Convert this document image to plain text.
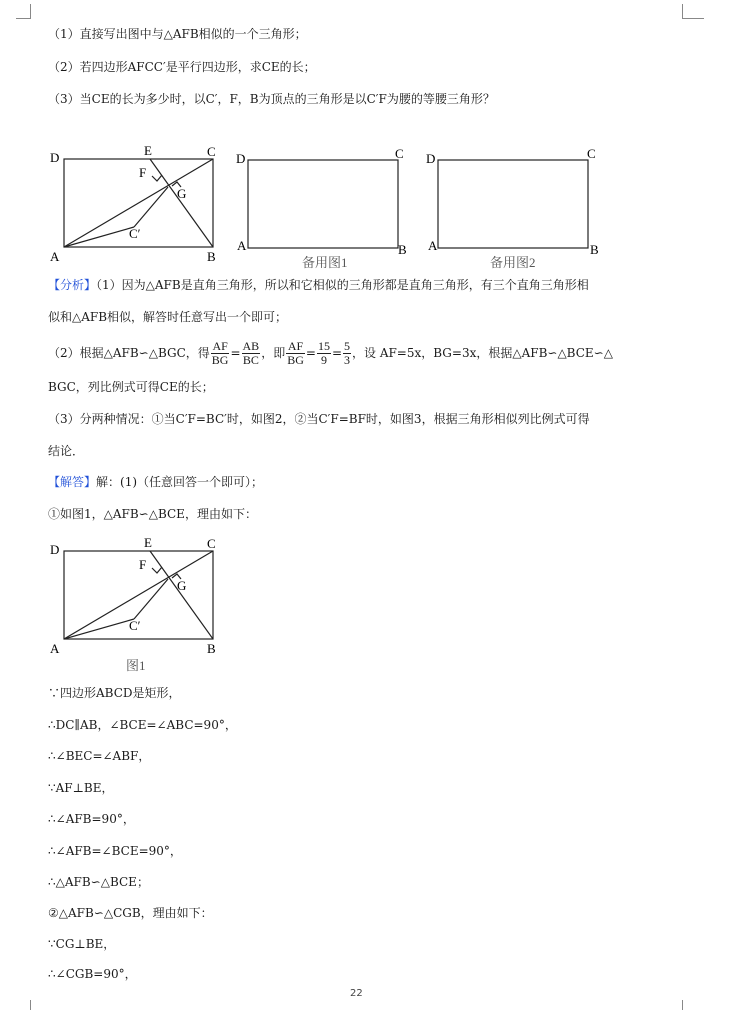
（1）直接写出图中与△AFB相似的一个三角形；
（2）若四边形AFCC′是平行四边形，求CE的长；
（3）当CE的长为多少时，以C′，F，B为顶点的三角形是以C′F为腰的等腰三角形？
D	E	C
F
G
C′
A	B
D	C
A	B
备用图1
D	C
A	B
备用图2
【分析】（1）因为△AFB是直角三角形，所以和它相似的三角形都是直角三角形，有三个直角三角形相
似和△AFB相似，解答时任意写出一个即可；
（2）根据△AFB∽△BGC，得 $\frac{AF}{BG} = \frac{AB}{BC}$ ，即 $\frac{AF}{BG} = \frac{15}{9} = \frac{5}{3}$ ，设 AF=5x，BG=3x，根据△AFB∽△BCE∽△
BGC，列比例式可得CE的长；
（3）分两种情况：①当C′F=BC′时，如图2，②当C′F=BF时，如图3，根据三角形相似列比例式可得
结论．
【解答】解：(1)（任意回答一个即可）；
①如图1，△AFB∽△BCE，理由如下：
D	E	C
F
G
C′
A	B
图1
∵四边形ABCD是矩形，
∴DC∥AB，∠BCE=∠ABC=90°，
∴∠BEC=∠ABF，
∵AF⊥BE，
∴∠AFB=90°，
∴∠AFB=∠BCE=90°，
∴△AFB∽△BCE；
②△AFB∽△CGB，理由如下：
∵CG⊥BE，
∴∠CGB=90°，
22
